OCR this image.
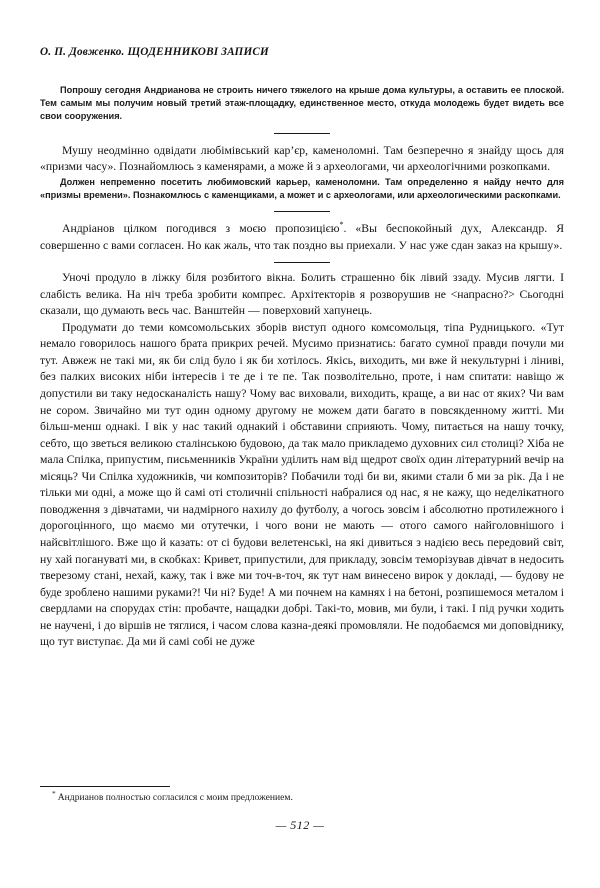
О. П. Довженко. ЩОДЕННИКОВІ ЗАПИСИ

Попрошу сегодня Андрианова не строить ничего тяжелого на крыше дома культуры, а оставить ее плоской. Тем самым мы получим новый третий этаж-площадку, единственное место, откуда молодежь будет видеть все свои сооружения.

Мушу неодмінно одвідати любімівський кар’єр, каменоломні. Там безперечно я знайду щось для «призми часу». Познайомлюсь з каменярами, а може й з археологами, чи археологічними розкопками.

Должен непременно посетить любимовский карьер, каменоломни. Там определенно я найду нечто для «призмы времени». Познакомлюсь с каменщиками, а может и с археологами, или археологическими раскопками.

Андріанов цілком погодився з моєю пропозицією*. «Вы беспокойный дух, Александр. Я совершенно с вами согласен. Но как жаль, что так поздно вы приехали. У нас уже сдан заказ на крышу».

Уночі продуло в ліжку біля розбитого вікна. Болить страшенно бік лівий ззаду. Мусив лягти. І слабість велика. На ніч треба зробити компрес. Архітекторів я розворушив не <напрасно?> Сьогодні сказали, що думають весь час. Ванштейн — поверховий хапунець.

Продумати до теми комсомольських зборів виступ одного комсомольця, тіпа Рудницького. «Тут немало говорилось нашого брата прикрих речей. Мусимо признатись: багато сумної правди почули ми тут. Авжеж не такі ми, як би слід було і як би хотілось. Якісь, виходить, ми вже й некультурні і ліниві, без палких високих ніби інтересів і те де і те пе. Так позволітельно, проте, і нам спитати: навіщо ж допустили ви таку недосканалість нашу? Чому вас виховали, виходить, краще, а ви нас от яких? Чи вам не сором. Звичайно ми тут один одному другому не можем дати багато в повсякденному житті. Ми більш-менш однакі. І вік у нас такий однакий і обставини сприяють. Чому, питається на нашу точку, себто, що зветься великою сталінською будовою, да так мало прикладемо духовних сил столиці? Хіба не мала Спілка, припустим, письменників України уділить нам від щедрот своїх один літературний вечір на місяць? Чи Спілка художників, чи композиторів? Побачили тоді би ви, якими стали б ми за рік. Да і не тільки ми одні, а може що й самі оті столичніі спільності набралися од нас, я не кажу, що неделікатного поводження з дівчатами, чи надмірного нахилу до футболу, а чогось зовсім і абсолютно протилежного і дорогоцінного, що маємо ми отутечки, і чого вони не мають — отого самого найголовнішого і найсвітлішого. Вже що й казать: от сі будови велетенські, на які дивиться з надією весь передовий світ, ну хай погануваті ми, в скобках: Кривет, припустили, для прикладу, зовсім теморізував дівчат в недосить тверезому стані, нехай, кажу, так і вже ми точ-в-точ, як тут нам винесено вирок у докладі, — будову не буде зроблено нашими руками?! Чи ні? Буде! А ми почнем на камнях і на бетоні, розпишемося металом і свердлами на спорудах стін: пробачте, нащадки добрі. Такі-то, мовив, ми були, і такі. І під ручки ходить не научені, і до віршів не тяглися, і часом слова казна-деякі промовляли. Не подобаємся ми доповіднику, що тут виступає. Да ми й самі собі не дуже

* Андрианов полностью согласился с моим предложением.

— 512 —
